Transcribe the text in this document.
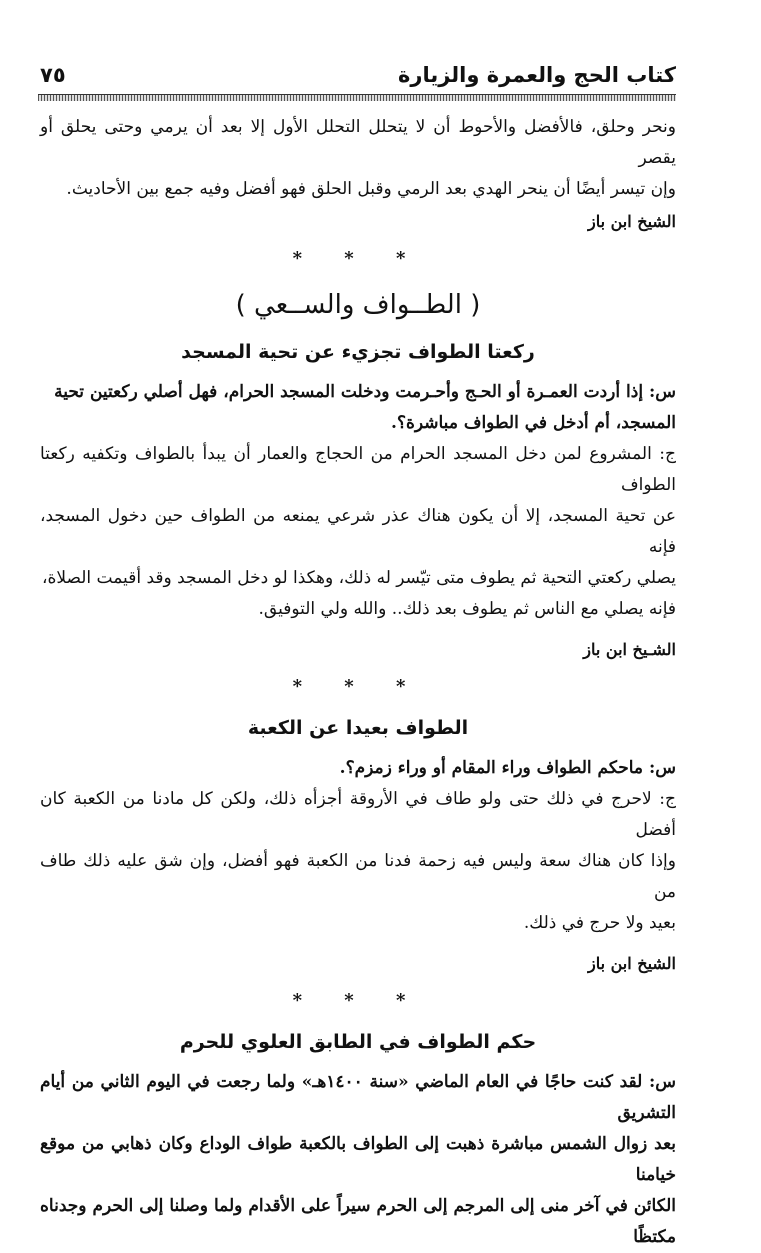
كتاب الحج والعمرة والزيارة
٧٥

ونحر وحلق، فالأفضل والأحوط أن لا يتحلل التحلل الأول إلا بعد أن يرمي وحتى يحلق أو يقصر

وإن تيسر أيضًا أن ينحر الهدي بعد الرمي وقبل الحلق فهو أفضل وفيه جمع بين الأحاديث.

الشيخ ابن باز
* * *
( الطــواف والســعي )
ركعتا الطواف تجزيء عن تحية المسجد

س: إذا أردت العمـرة أو الحـج وأحـرمت ودخلت المسجد الحرام، فهل أصلي ركعتين تحية

المسجد، أم أدخل في الطواف مباشرة؟.

ج: المشروع لمن دخل المسجد الحرام من الحجاج والعمار أن يبدأ بالطواف وتكفيه ركعتا الطواف

عن تحية المسجد، إلا أن يكون هناك عذر شرعي يمنعه من الطواف حين دخول المسجد، فإنه

يصلي ركعتي التحية ثم يطوف متى تيّسر له ذلك، وهكذا لو دخل المسجد وقد أقيمت الصلاة،

فإنه يصلي مع الناس ثم يطوف بعد ذلك.. والله ولي التوفيق.

الشـيخ ابن باز
* * *
الطواف بعيدا عن الكعبة

س: ماحكم الطواف وراء المقام أو وراء زمزم؟.

ج: لاحرج في ذلك حتى ولو طاف في الأروقة أجزأه ذلك، ولكن كل مادنا من الكعبة كان أفضل

وإذا كان هناك سعة وليس فيه زحمة فدنا من الكعبة فهو أفضل، وإن شق عليه ذلك طاف من

بعيد ولا حرج في ذلك.

الشيخ ابن باز
* * *
حكم الطواف في الطابق العلوي للحرم

س: لقد كنت حاجًا في العام الماضي «سنة ١٤٠٠هـ» ولما رجعت في اليوم الثاني من أيام التشريق

بعد زوال الشمس مباشرة ذهبت إلى الطواف بالكعبة طواف الوداع وكان ذهابي من موقع خيامنا

الكائن في آخر منى إلى المرجم إلى الحرم سيراً على الأقدام ولما وصلنا إلى الحرم وجدناه مكتظًا
